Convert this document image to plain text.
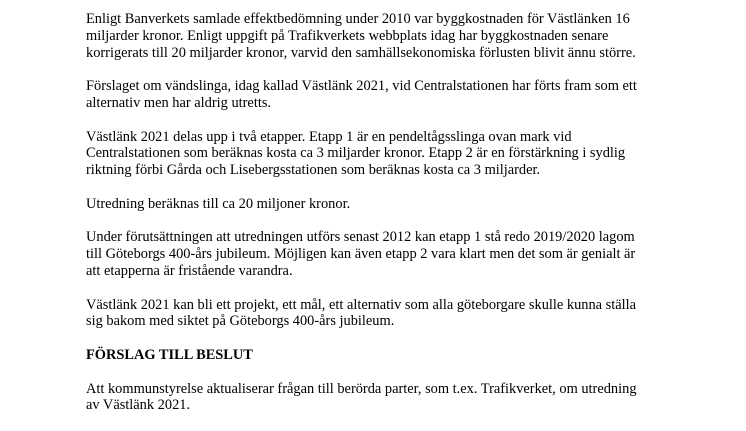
Enligt Banverkets samlade effektbedömning under 2010 var byggkostnaden för Västlänken 16
miljarder kronor. Enligt uppgift på Trafikverkets webbplats idag har byggkostnaden senare
korrigerats till 20 miljarder kronor, varvid den samhällsekonomiska förlusten blivit ännu större.

Förslaget om vändslinga, idag kallad Västlänk 2021, vid Centralstationen har förts fram som ett
alternativ men har aldrig utretts.

Västlänk 2021 delas upp i två etapper. Etapp 1 är en pendeltågsslinga ovan mark vid
Centralstationen som beräknas kosta ca 3 miljarder kronor. Etapp 2 är en förstärkning i sydlig
riktning förbi Gårda och Lisebergsstationen som beräknas kosta ca 3 miljarder.

Utredning beräknas till ca 20 miljoner kronor.

Under förutsättningen att utredningen utförs senast 2012 kan etapp 1 stå redo 2019/2020 lagom
till Göteborgs 400-års jubileum. Möjligen kan även etapp 2 vara klart men det som är genialt är
att etapperna är fristående varandra.

Västlänk 2021 kan bli ett projekt, ett mål, ett alternativ som alla göteborgare skulle kunna ställa
sig bakom med siktet på Göteborgs 400-års jubileum.

FÖRSLAG TILL BESLUT

Att kommunstyrelse aktualiserar frågan till berörda parter, som t.ex. Trafikverket, om utredning
av Västlänk 2021.
